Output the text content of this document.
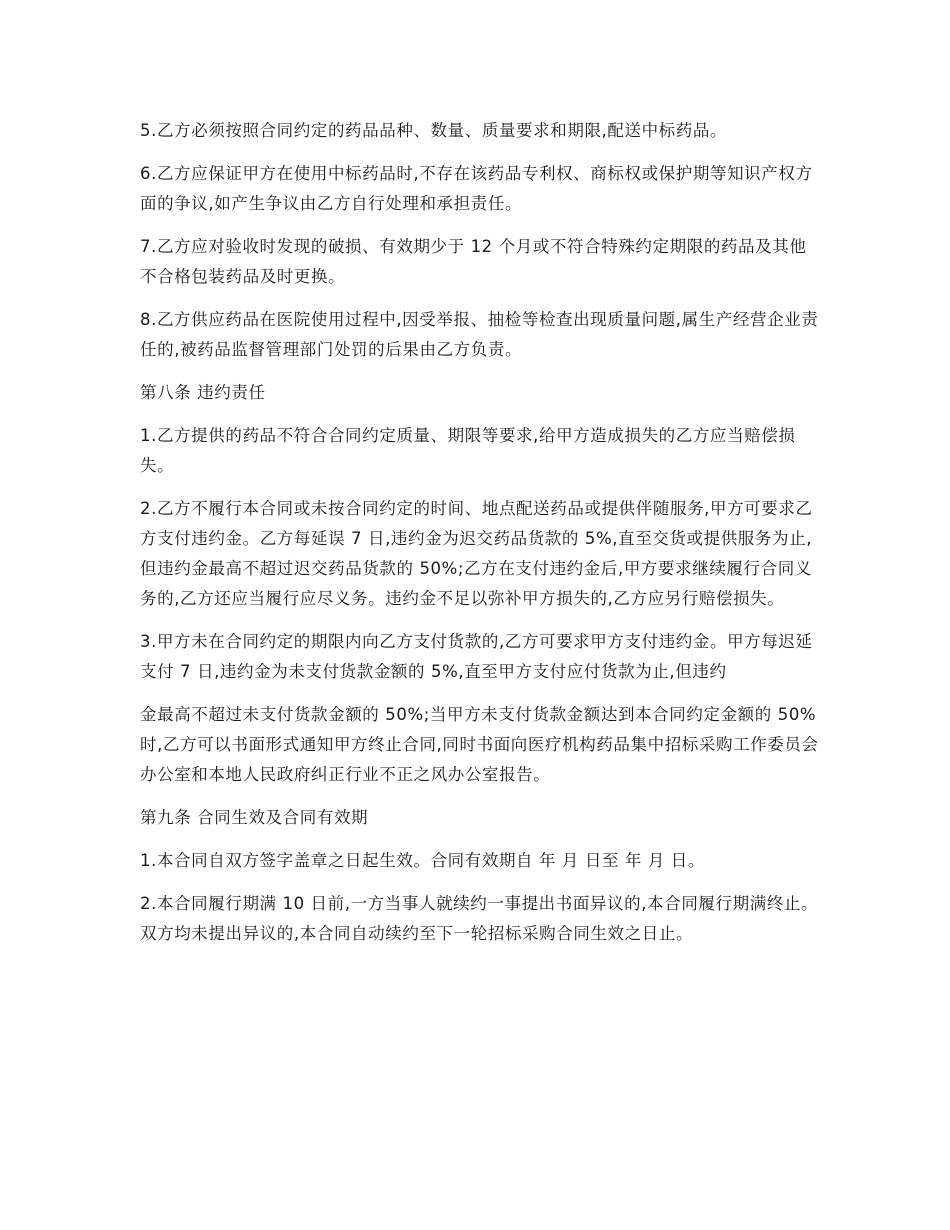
5.乙方必须按照合同约定的药品品种、数量、质量要求和期限,配送中标药品。

6.乙方应保证甲方在使用中标药品时,不存在该药品专利权、商标权或保护期等知识产权方面的争议,如产生争议由乙方自行处理和承担责任。

7.乙方应对验收时发现的破损、有效期少于 12 个月或不符合特殊约定期限的药品及其他不合格包装药品及时更换。

8.乙方供应药品在医院使用过程中,因受举报、抽检等检查出现质量问题,属生产经营企业责任的,被药品监督管理部门处罚的后果由乙方负责。

第八条 违约责任

1.乙方提供的药品不符合合同约定质量、期限等要求,给甲方造成损失的乙方应当赔偿损失。

2.乙方不履行本合同或未按合同约定的时间、地点配送药品或提供伴随服务,甲方可要求乙方支付违约金。乙方每延误 7 日,违约金为迟交药品货款的 5%,直至交货或提供服务为止,但违约金最高不超过迟交药品货款的 50%;乙方在支付违约金后,甲方要求继续履行合同义务的,乙方还应当履行应尽义务。违约金不足以弥补甲方损失的,乙方应另行赔偿损失。

3.甲方未在合同约定的期限内向乙方支付货款的,乙方可要求甲方支付违约金。甲方每迟延支付 7 日,违约金为未支付货款金额的 5%,直至甲方支付应付货款为止,但违约

金最高不超过未支付货款金额的 50%;当甲方未支付货款金额达到本合同约定金额的 50%时,乙方可以书面形式通知甲方终止合同,同时书面向医疗机构药品集中招标采购工作委员会办公室和本地人民政府纠正行业不正之风办公室报告。

第九条 合同生效及合同有效期

1.本合同自双方签字盖章之日起生效。合同有效期自 年 月 日至 年 月 日。

2.本合同履行期满 10 日前,一方当事人就续约一事提出书面异议的,本合同履行期满终止。双方均未提出异议的,本合同自动续约至下一轮招标采购合同生效之日止。
